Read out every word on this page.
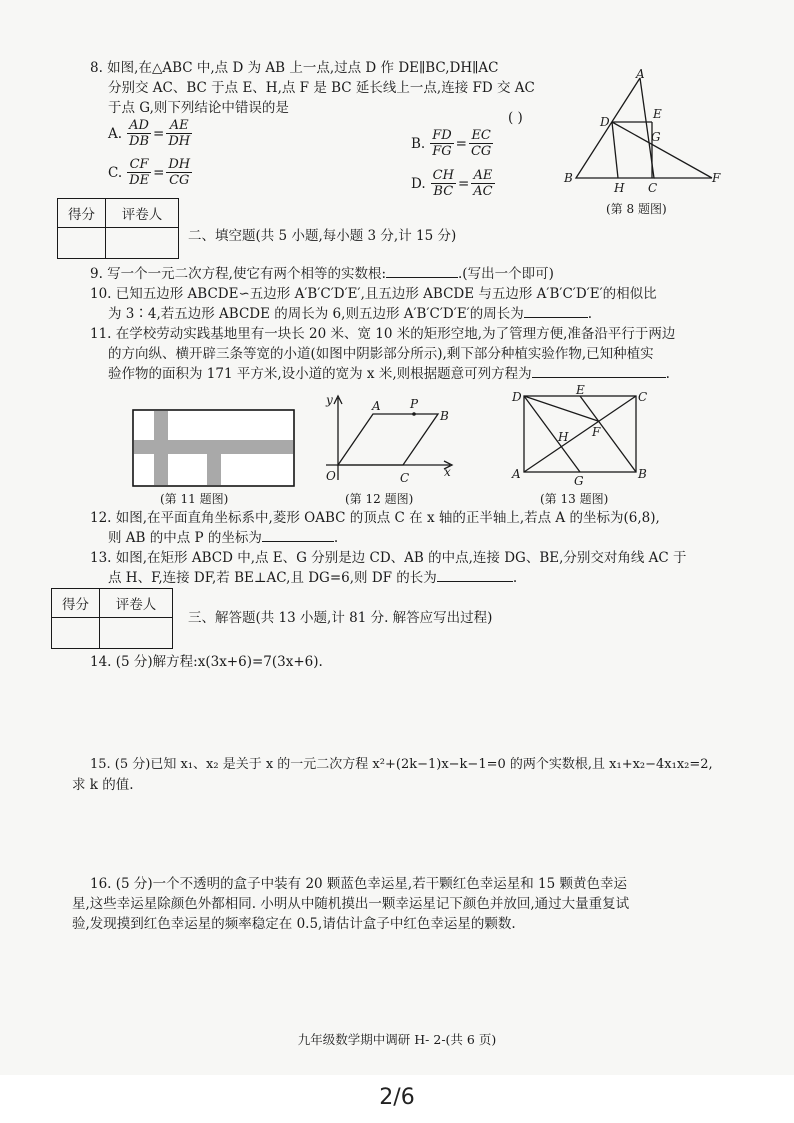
8. 如图,在△ABC 中,点 D 为 AB 上一点,过点 D 作 DE∥BC,DH∥AC
分别交 AC、BC 于点 E、H,点 F 是 BC 延长线上一点,连接 FD 交 AC
于点 G,则下列结论中错误的是
( )
A. $\frac{AD}{DB} = \frac{AE}{DH}$	B. $\frac{FD}{FG} = \frac{EC}{CG}$
C. $\frac{CF}{DE} = \frac{DH}{CG}$	D. $\frac{CH}{BC} = \frac{AE}{AC}$
A
D
E
G
B
H C
F
(第 8 题图)
得分	评卷人

二、填空题(共 5 小题,每小题 3 分,计 15 分)
9. 写一个一元二次方程,使它有两个相等的实数根:	.(写出一个即可)
10. 已知五边形 ABCDE∽五边形 A′B′C′D′E′,且五边形 ABCDE 与五边形 A′B′C′D′E′的相似比
为 3∶4,若五边形 ABCDE 的周长为 6,则五边形 A′B′C′D′E′的周长为	.
11. 在学校劳动实践基地里有一块长 20 米、宽 10 米的矩形空地,为了管理方便,准备沿平行于两边
的方向纵、横开辟三条等宽的小道(如图中阴影部分所示),剩下部分种植实验作物,已知种植实
验作物的面积为 171 平方米,设小道的宽为 x 米,则根据题意可列方程为	.
(第 11 题图)
y	A P
B
O	C	x
(第 12 题图)
D	E	C
H F
A	G	B
(第 13 题图)
12. 如图,在平面直角坐标系中,菱形 OABC 的顶点 C 在 x 轴的正半轴上,若点 A 的坐标为(6,8),
则 AB 的中点 P 的坐标为	.
13. 如图,在矩形 ABCD 中,点 E、G 分别是边 CD、AB 的中点,连接 DG、BE,分别交对角线 AC 于
点 H、F,连接 DF,若 BE⊥AC,且 DG=6,则 DF 的长为	.
得分	评卷人

三、解答题(共 13 小题,计 81 分. 解答应写出过程)
14. (5 分)解方程:x(3x+6)=7(3x+6).
15. (5 分)已知 x₁、x₂ 是关于 x 的一元二次方程 x²+(2k−1)x−k−1=0 的两个实数根,且 x₁+x₂−4x₁x₂=2,
求 k 的值.
16. (5 分)一个不透明的盒子中装有 20 颗蓝色幸运星,若干颗红色幸运星和 15 颗黄色幸运
星,这些幸运星除颜色外都相同. 小明从中随机摸出一颗幸运星记下颜色并放回,通过大量重复试
验,发现摸到红色幸运星的频率稳定在 0.5,请估计盒子中红色幸运星的颗数.
九年级数学期中调研 H- 2-(共 6 页)
2/6
